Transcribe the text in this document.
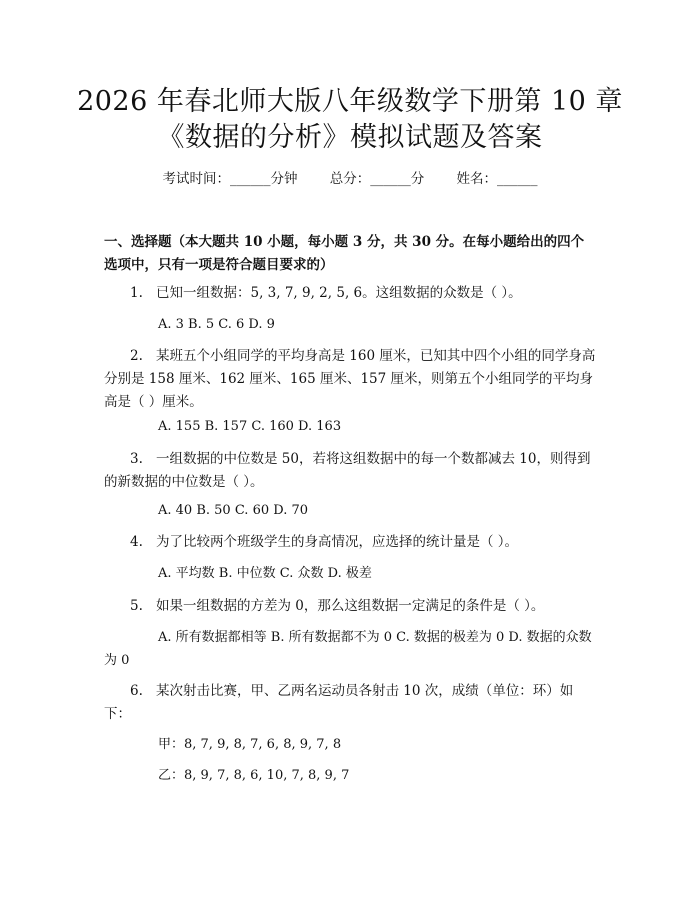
2026 年春北师大版八年级数学下册第 10 章
《数据的分析》模拟试题及答案
考试时间：______分钟 总分：______分 姓名：______
一、选择题（本大题共 10 小题，每小题 3 分，共 30 分。在每小题给出的四个选项中，只有一项是符合题目要求的）
1. 已知一组数据：5, 3, 7, 9, 2, 5, 6。这组数据的众数是（ ）。
A. 3 B. 5 C. 6 D. 9
2. 某班五个小组同学的平均身高是 160 厘米，已知其中四个小组的同学身高分别是 158 厘米、162 厘米、165 厘米、157 厘米，则第五个小组同学的平均身高是（ ）厘米。
A. 155 B. 157 C. 160 D. 163
3. 一组数据的中位数是 50，若将这组数据中的每一个数都减去 10，则得到的新数据的中位数是（ ）。
A. 40 B. 50 C. 60 D. 70
4. 为了比较两个班级学生的身高情况，应选择的统计量是（ ）。
A. 平均数 B. 中位数 C. 众数 D. 极差
5. 如果一组数据的方差为 0，那么这组数据一定满足的条件是（ ）。
A. 所有数据都相等 B. 所有数据都不为 0 C. 数据的极差为 0 D. 数据的众数为 0
6. 某次射击比赛，甲、乙两名运动员各射击 10 次，成绩（单位：环）如下：
甲：8, 7, 9, 8, 7, 6, 8, 9, 7, 8
乙：8, 9, 7, 8, 6, 10, 7, 8, 9, 7
